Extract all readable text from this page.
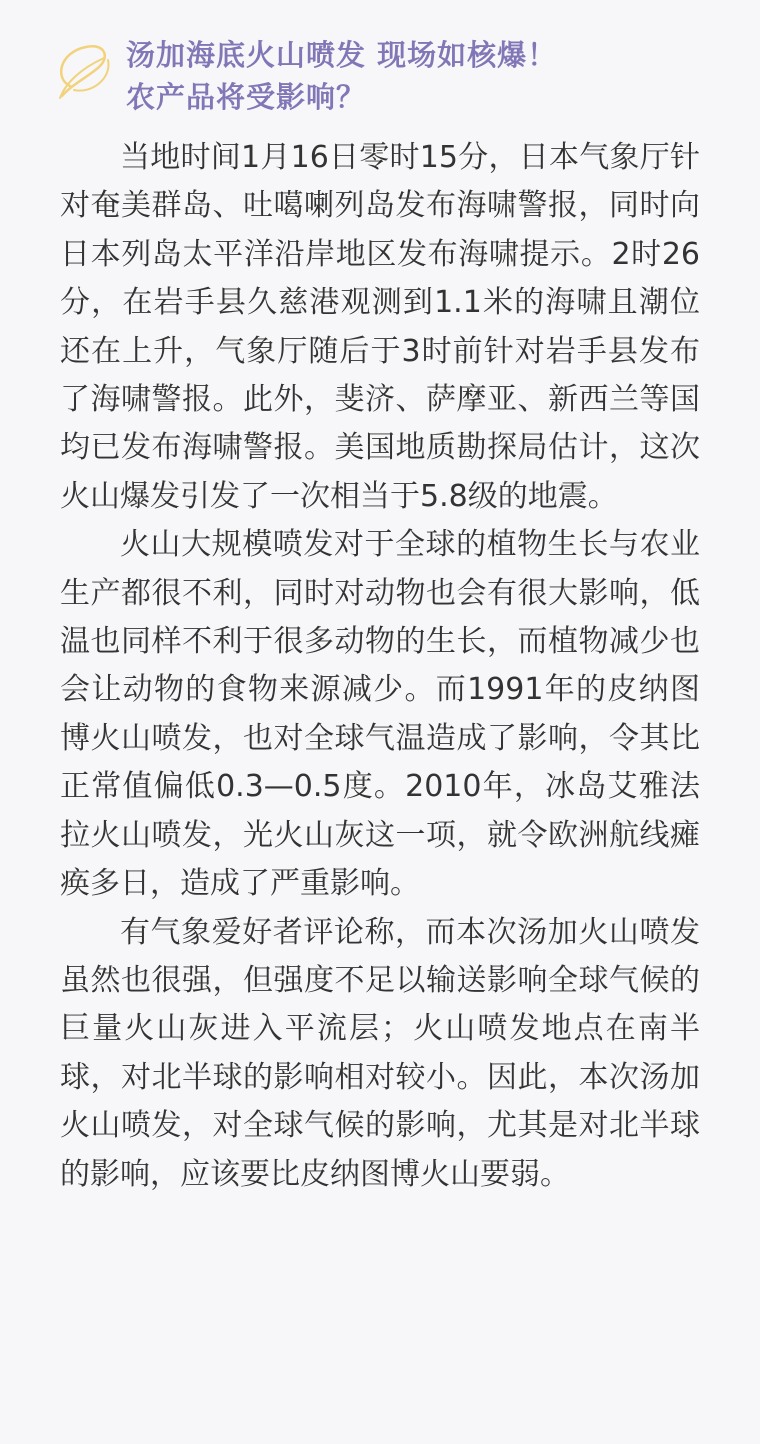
汤加海底火山喷发 现场如核爆！
农产品将受影响？

当地时间1月16日零时15分，日本气象厅针对奄美群岛、吐噶喇列岛发布海啸警报，同时向日本列岛太平洋沿岸地区发布海啸提示。2时26分，在岩手县久慈港观测到1.1米的海啸且潮位还在上升，气象厅随后于3时前针对岩手县发布了海啸警报。此外，斐济、萨摩亚、新西兰等国均已发布海啸警报。美国地质勘探局估计，这次火山爆发引发了一次相当于5.8级的地震。

火山大规模喷发对于全球的植物生长与农业生产都很不利，同时对动物也会有很大影响，低温也同样不利于很多动物的生长，而植物减少也会让动物的食物来源减少。而1991年的皮纳图博火山喷发，也对全球气温造成了影响，令其比正常值偏低0.3—0.5度。2010年，冰岛艾雅法拉火山喷发，光火山灰这一项，就令欧洲航线瘫痪多日，造成了严重影响。

有气象爱好者评论称，而本次汤加火山喷发虽然也很强，但强度不足以输送影响全球气候的巨量火山灰进入平流层；火山喷发地点在南半球，对北半球的影响相对较小。因此，本次汤加火山喷发，对全球气候的影响，尤其是对北半球的影响，应该要比皮纳图博火山要弱。
